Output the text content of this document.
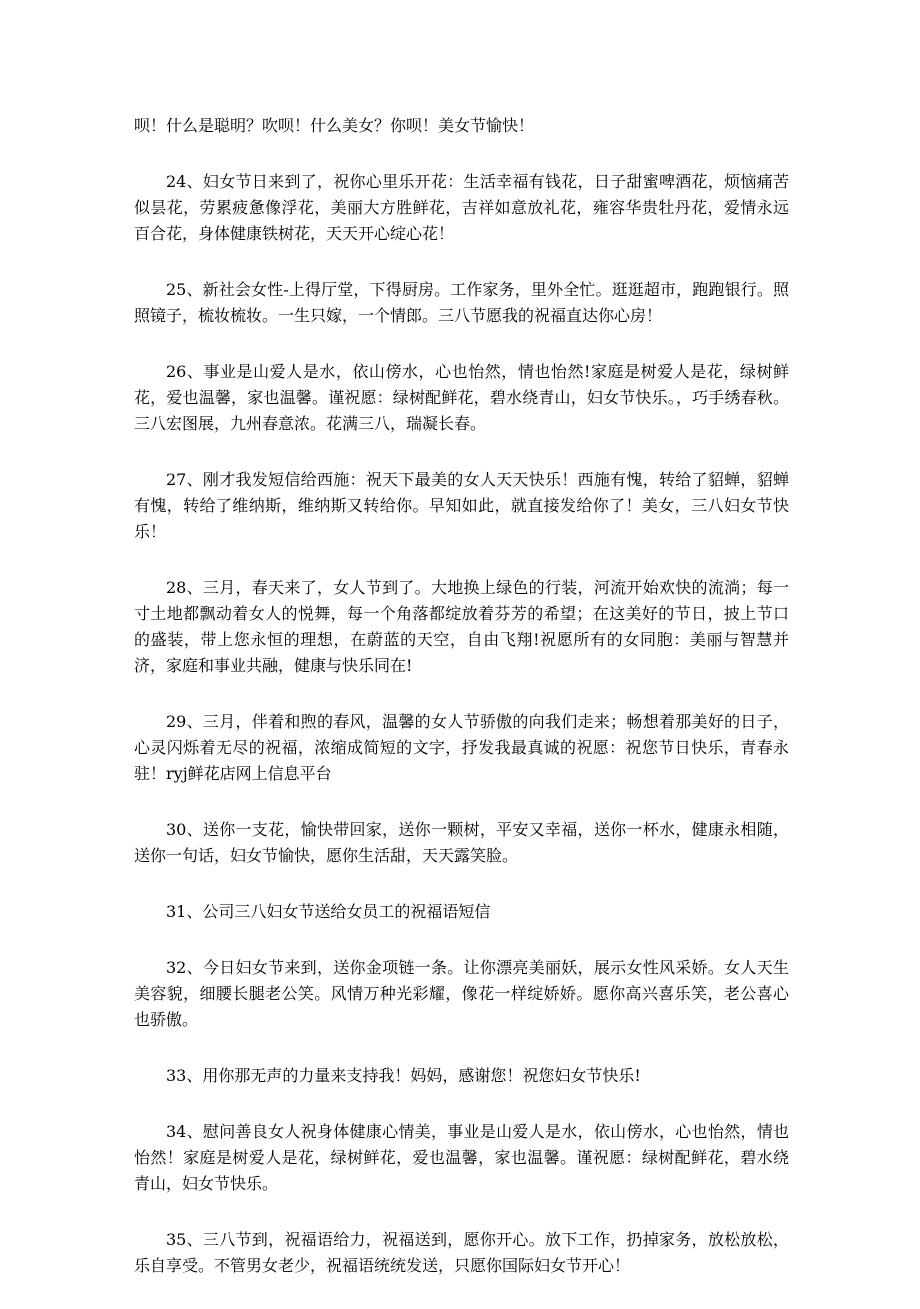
呗！什么是聪明？吹呗！什么美女？你呗！美女节愉快！

24、妇女节日来到了，祝你心里乐开花：生活幸福有钱花，日子甜蜜啤酒花，烦恼痛苦似昙花，劳累疲惫像浮花，美丽大方胜鲜花，吉祥如意放礼花，雍容华贵牡丹花，爱情永远百合花，身体健康铁树花，天天开心绽心花！

25、新社会女性-上得厅堂，下得厨房。工作家务，里外全忙。逛逛超市，跑跑银行。照照镜子，梳妆梳妆。一生只嫁，一个情郎。三八节愿我的祝福直达你心房！

26、事业是山爱人是水，依山傍水，心也怡然，情也怡然!家庭是树爱人是花，绿树鲜花，爱也温馨，家也温馨。谨祝愿：绿树配鲜花，碧水绕青山，妇女节快乐。，巧手绣春秋。三八宏图展，九州春意浓。花满三八，瑞凝长春。

27、刚才我发短信给西施：祝天下最美的女人天天快乐！西施有愧，转给了貂蝉，貂蝉有愧，转给了维纳斯，维纳斯又转给你。早知如此，就直接发给你了！美女，三八妇女节快乐！

28、三月，春天来了，女人节到了。大地换上绿色的行装，河流开始欢快的流淌；每一寸土地都飘动着女人的悦舞，每一个角落都绽放着芬芳的希望；在这美好的节日，披上节口的盛装，带上您永恒的理想，在蔚蓝的天空，自由飞翔!祝愿所有的女同胞：美丽与智慧并济，家庭和事业共融，健康与快乐同在!

29、三月，伴着和煦的春风，温馨的女人节骄傲的向我们走来；畅想着那美好的日子，心灵闪烁着无尽的祝福，浓缩成简短的文字，抒发我最真诚的祝愿：祝您节日快乐，青春永驻！ryj鲜花店网上信息平台

30、送你一支花，愉快带回家，送你一颗树，平安又幸福，送你一杯水，健康永相随，送你一句话，妇女节愉快，愿你生活甜，天天露笑脸。

31、公司三八妇女节送给女员工的祝福语短信

32、今日妇女节来到，送你金项链一条。让你漂亮美丽妖，展示女性风采娇。女人天生美容貌，细腰长腿老公笑。风情万种光彩耀，像花一样绽娇娇。愿你高兴喜乐笑，老公喜心也骄傲。

33、用你那无声的力量来支持我！妈妈，感谢您！祝您妇女节快乐!

34、慰问善良女人祝身体健康心情美，事业是山爱人是水，依山傍水，心也怡然，情也怡然！家庭是树爱人是花，绿树鲜花，爱也温馨，家也温馨。谨祝愿：绿树配鲜花，碧水绕青山，妇女节快乐。

35、三八节到，祝福语给力，祝福送到，愿你开心。放下工作，扔掉家务，放松放松，乐自享受。不管男女老少，祝福语统统发送，只愿你国际妇女节开心！
